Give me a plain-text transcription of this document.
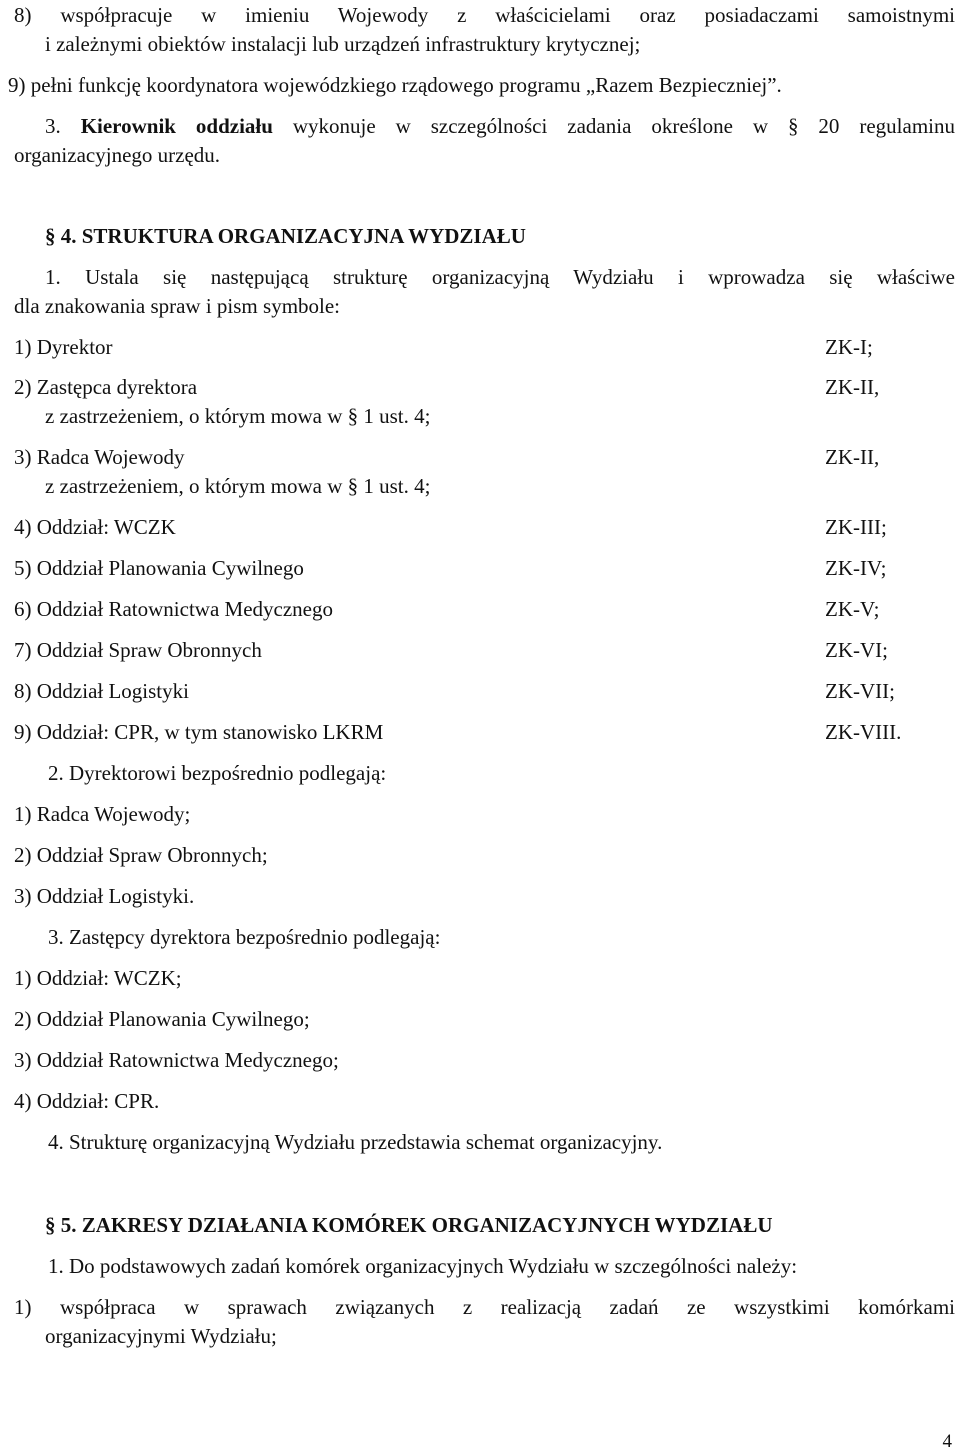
8) współpracuje w imieniu Wojewody z właścicielami oraz posiadaczami samoistnymi
i zależnymi obiektów instalacji lub urządzeń infrastruktury krytycznej;
9) pełni funkcję koordynatora wojewódzkiego rządowego programu „Razem Bezpieczniej”.
3. Kierownik oddziału wykonuje w szczególności zadania określone w § 20 regulaminu
organizacyjnego urzędu.
§ 4. STRUKTURA ORGANIZACYJNA WYDZIAŁU
1. Ustala się następującą strukturę organizacyjną Wydziału i wprowadza się właściwe
dla znakowania spraw i pism symbole:
1) Dyrektor	ZK-I;
2) Zastępca dyrektora	ZK-II,
z zastrzeżeniem, o którym mowa w § 1 ust. 4;
3) Radca Wojewody	ZK-II,
z zastrzeżeniem, o którym mowa w § 1 ust. 4;
4) Oddział: WCZK	ZK-III;
5) Oddział Planowania Cywilnego	ZK-IV;
6) Oddział Ratownictwa Medycznego	ZK-V;
7) Oddział Spraw Obronnych	ZK-VI;
8) Oddział Logistyki	ZK-VII;
9) Oddział: CPR, w tym stanowisko LKRM	ZK-VIII.
2. Dyrektorowi bezpośrednio podlegają:
1) Radca Wojewody;
2) Oddział Spraw Obronnych;
3) Oddział Logistyki.
3. Zastępcy dyrektora bezpośrednio podlegają:
1) Oddział: WCZK;
2) Oddział Planowania Cywilnego;
3) Oddział Ratownictwa Medycznego;
4) Oddział: CPR.
4. Strukturę organizacyjną Wydziału przedstawia schemat organizacyjny.
§ 5. ZAKRESY DZIAŁANIA KOMÓREK ORGANIZACYJNYCH WYDZIAŁU
1. Do podstawowych zadań komórek organizacyjnych Wydziału w szczególności należy:
1) współpraca w sprawach związanych z realizacją zadań ze wszystkimi komórkami
organizacyjnymi Wydziału;
4
